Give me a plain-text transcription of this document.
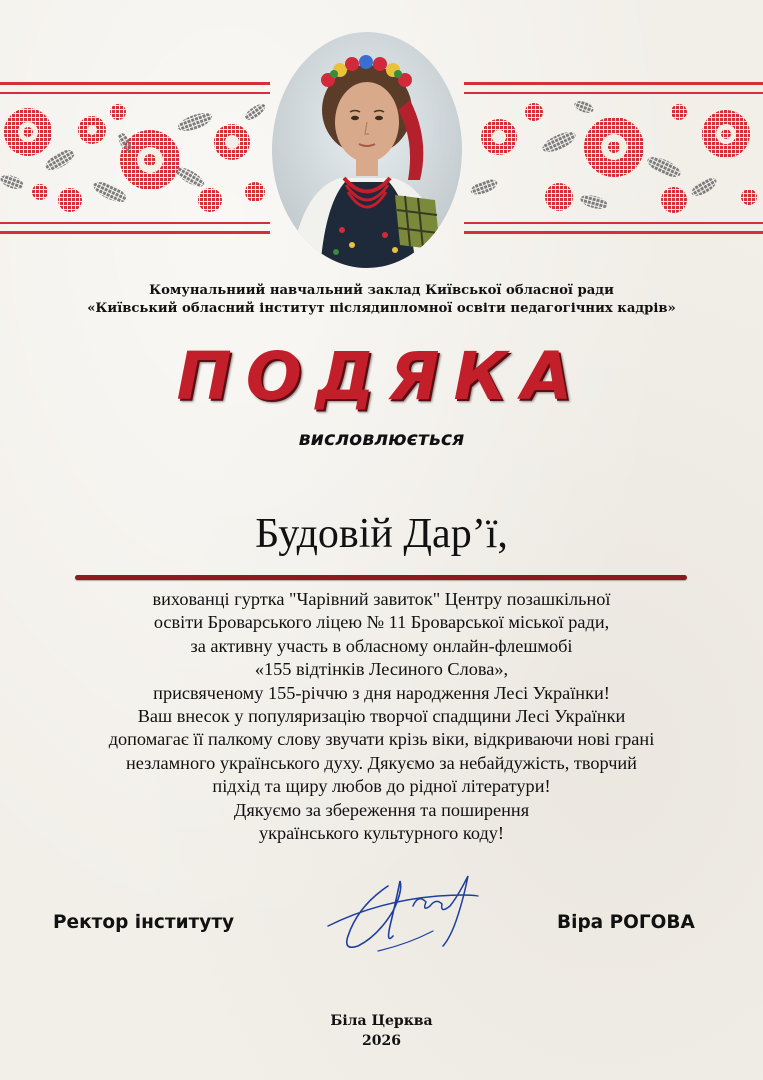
Комунальниий навчальний заклад Київської обласної ради
«Київський обласний інститут післядипломної освіти педагогічних кадрів»
ПОДЯКА
висловлюється
Будовій Дар’ї,
вихованці гуртка "Чарівний завиток" Центру позашкільної
освіти Броварського ліцею № 11 Броварської міської ради,
за активну участь в обласному онлайн-флешмобі
«155 відтінків Лесиного Слова»,
присвяченому 155-річчю з дня народження Лесі Українки!
Ваш внесок у популяризацію творчої спадщини Лесі Українки
допомагає її палкому слову звучати крізь віки, відкриваючи нові грані
незламного українського духу. Дякуємо за небайдужість, творчий
підхід та щиру любов до рідної літератури!
Дякуємо за збереження та поширення
українського культурного коду!
Ректор інституту	Віра РОГОВА
Біла Церква
2026
